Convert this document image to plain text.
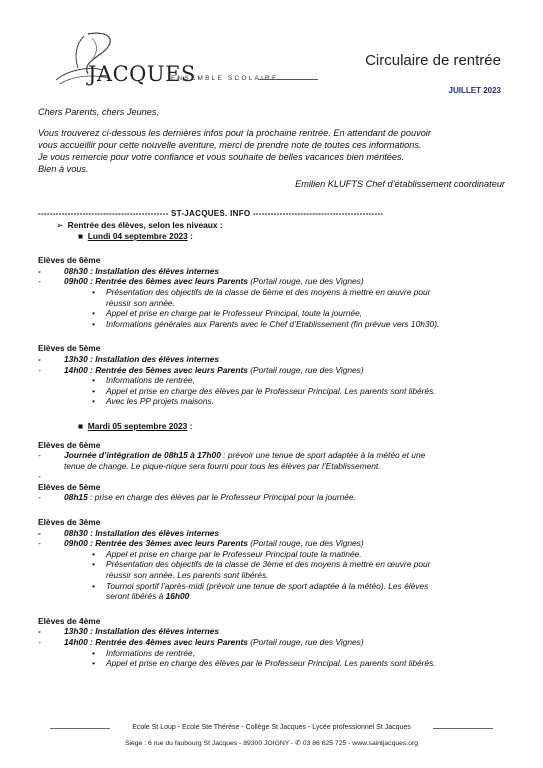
JACQUES
ENSEMBLE SCOLAIRE
Circulaire de rentrée
JUILLET 2023
Chers Parents, chers Jeunes,
Vous trouverez ci-dessous les dernières infos pour la prochaine rentrée. En attendant de pouvoir
vous accueillir pour cette nouvelle aventure, merci de prendre note de toutes ces informations.
Je vous remercie pour votre confiance et vous souhaite de belles vacances bien méritées.
Bien à vous.
Emilien KLUFTS Chef d’établissement coordinateur
-------------------------------------------- ST-JACQUES. INFO --------------------------------------------
➢  Rentrée des élèves, selon les niveaux :
■  Lundi 04 septembre 2023 :
Elèves de 6ème
-	08h30 : Installation des élèves internes
-	09h00 : Rentrée des 6èmes avec leurs Parents (Portail rouge, rue des Vignes)
• Présentation des objectifs de la classe de 6ème et des moyens à mettre en œuvre pour
réussir son année.
• Appel et prise en charge par le Professeur Principal, toute la journée,
• Informations générales aux Parents avec le Chef d’Etablissement (fin prévue vers 10h30).
Elèves de 5ème
-	13h30 : Installation des élèves internes
-	14h00 : Rentrée des 5èmes avec leurs Parents (Portail rouge, rue des Vignes)
• Informations de rentrée,
• Appel et prise en charge des élèves par le Professeur Principal. Les parents sont libérés.
• Avec les PP projets maisons.
■  Mardi 05 septembre 2023 :
Elèves de 6ème
-	Journée d’intégration de 08h15 à 17h00 : prévoir une tenue de sport adaptée à la météo et une
tenue de change. Le pique-nique sera fourni pour tous les élèves par l’Etablissement.
-
Elèves de 5ème
-	08h15 : prise en charge des élèves par le Professeur Principal pour la journée.
Elèves de 3ème
-	08h30 : Installation des élèves internes
-	09h00 : Rentrée des 3èmes avec leurs Parents (Portail rouge, rue des Vignes)
• Appel et prise en charge par le Professeur Principal toute la matinée.
• Présentation des objectifs de la classe de 3ème et des moyens à mettre en œuvre pour
réussir son année. Les parents sont libérés.
• Tournoi sportif l’après-midi (prévoir une tenue de sport adaptée à la météo). Les élèves
seront libérés à 16h00
Elèves de 4ème
-	13h30 : Installation des élèves internes
-	14h00 : Rentrée des 4èmes avec leurs Parents (Portail rouge, rue des Vignes)
• Informations de rentrée,
• Appel et prise en charge des élèves par le Professeur Principal. Les parents sont libérés.
Ecole St Loup - Ecole Ste Thérèse - Collège St Jacques - Lycée professionnel St Jacques
Siège : 6 rue du faubourg St Jacques - 89300 JOIGNY - ✆ 03 86 625 725 - www.saintjacques.org
